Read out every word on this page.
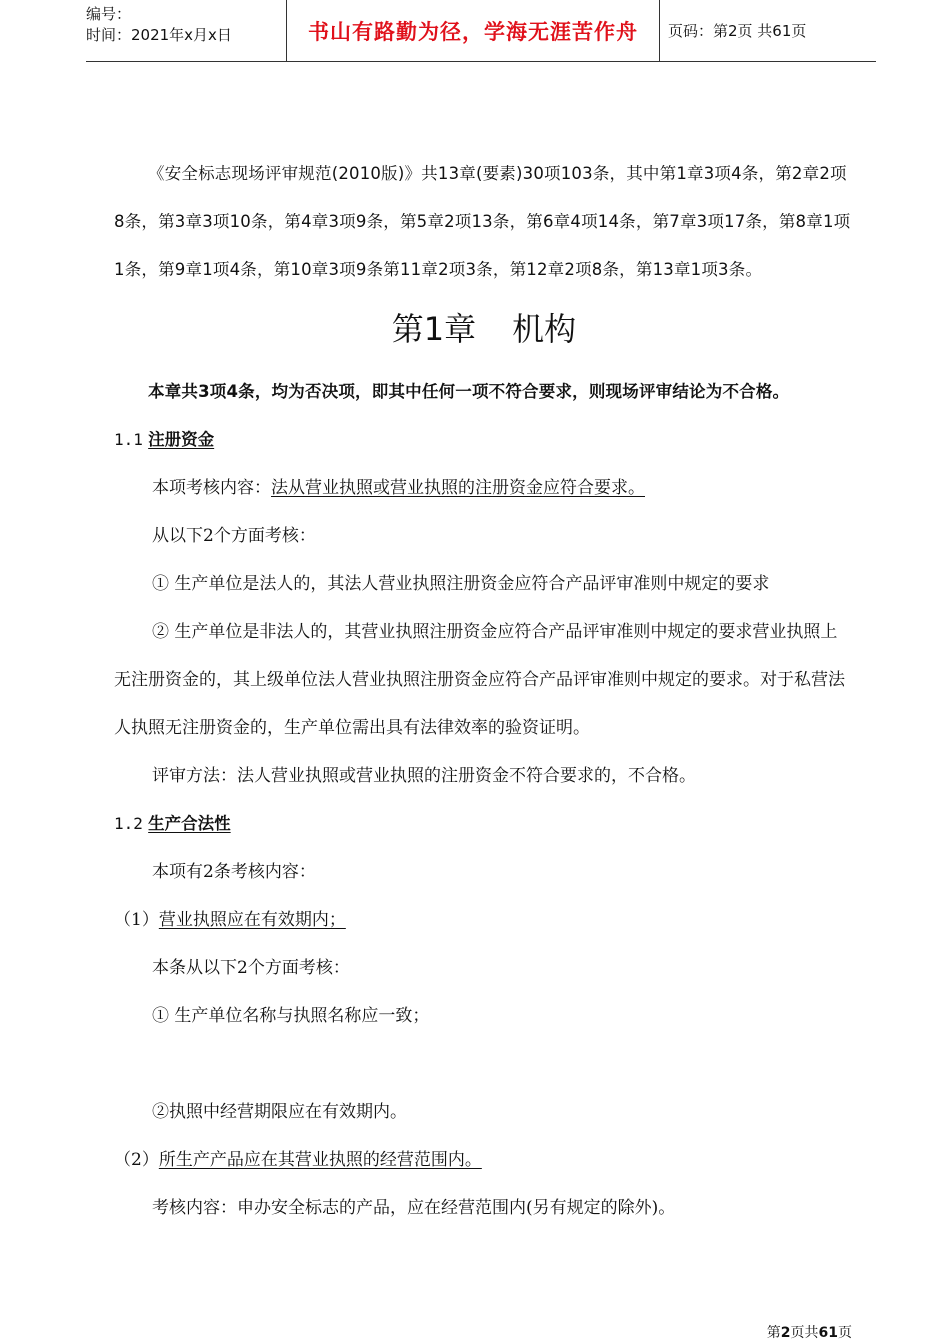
编号：
时间：2021年x月x日	书山有路勤为径，学海无涯苦作舟	页码：第2页 共61页

《安全标志现场评审规范(2010版)》共13章(要素)30项103条，其中第1章3项4条，第2章2项8条，第3章3项10条，第4章3项9条，第5章2项13条，第6章4项14条，第7章3项17条，第8章1项1条，第9章1项4条，第10章3项9条第11章2项3条，第12章2项8条，第13章1项3条。

第1章 机构

本章共3项4条，均为否决项，即其中任何一项不符合要求，则现场评审结论为不合格。

1.1 注册资金

本项考核内容：法从营业执照或营业执照的注册资金应符合要求。

从以下2个方面考核：

① 生产单位是法人的，其法人营业执照注册资金应符合产品评审准则中规定的要求

② 生产单位是非法人的，其营业执照注册资金应符合产品评审准则中规定的要求营业执照上无注册资金的，其上级单位法人营业执照注册资金应符合产品评审准则中规定的要求。对于私营法人执照无注册资金的，生产单位需出具有法律效率的验资证明。

评审方法：法人营业执照或营业执照的注册资金不符合要求的，不合格。

1.2 生产合法性

本项有2条考核内容：

（1）营业执照应在有效期内；

本条从以下2个方面考核：

① 生产单位名称与执照名称应一致；

②执照中经营期限应在有效期内。

（2）所生产产品应在其营业执照的经营范围内。

考核内容：申办安全标志的产品，应在经营范围内(另有规定的除外)。

第2页共61页
